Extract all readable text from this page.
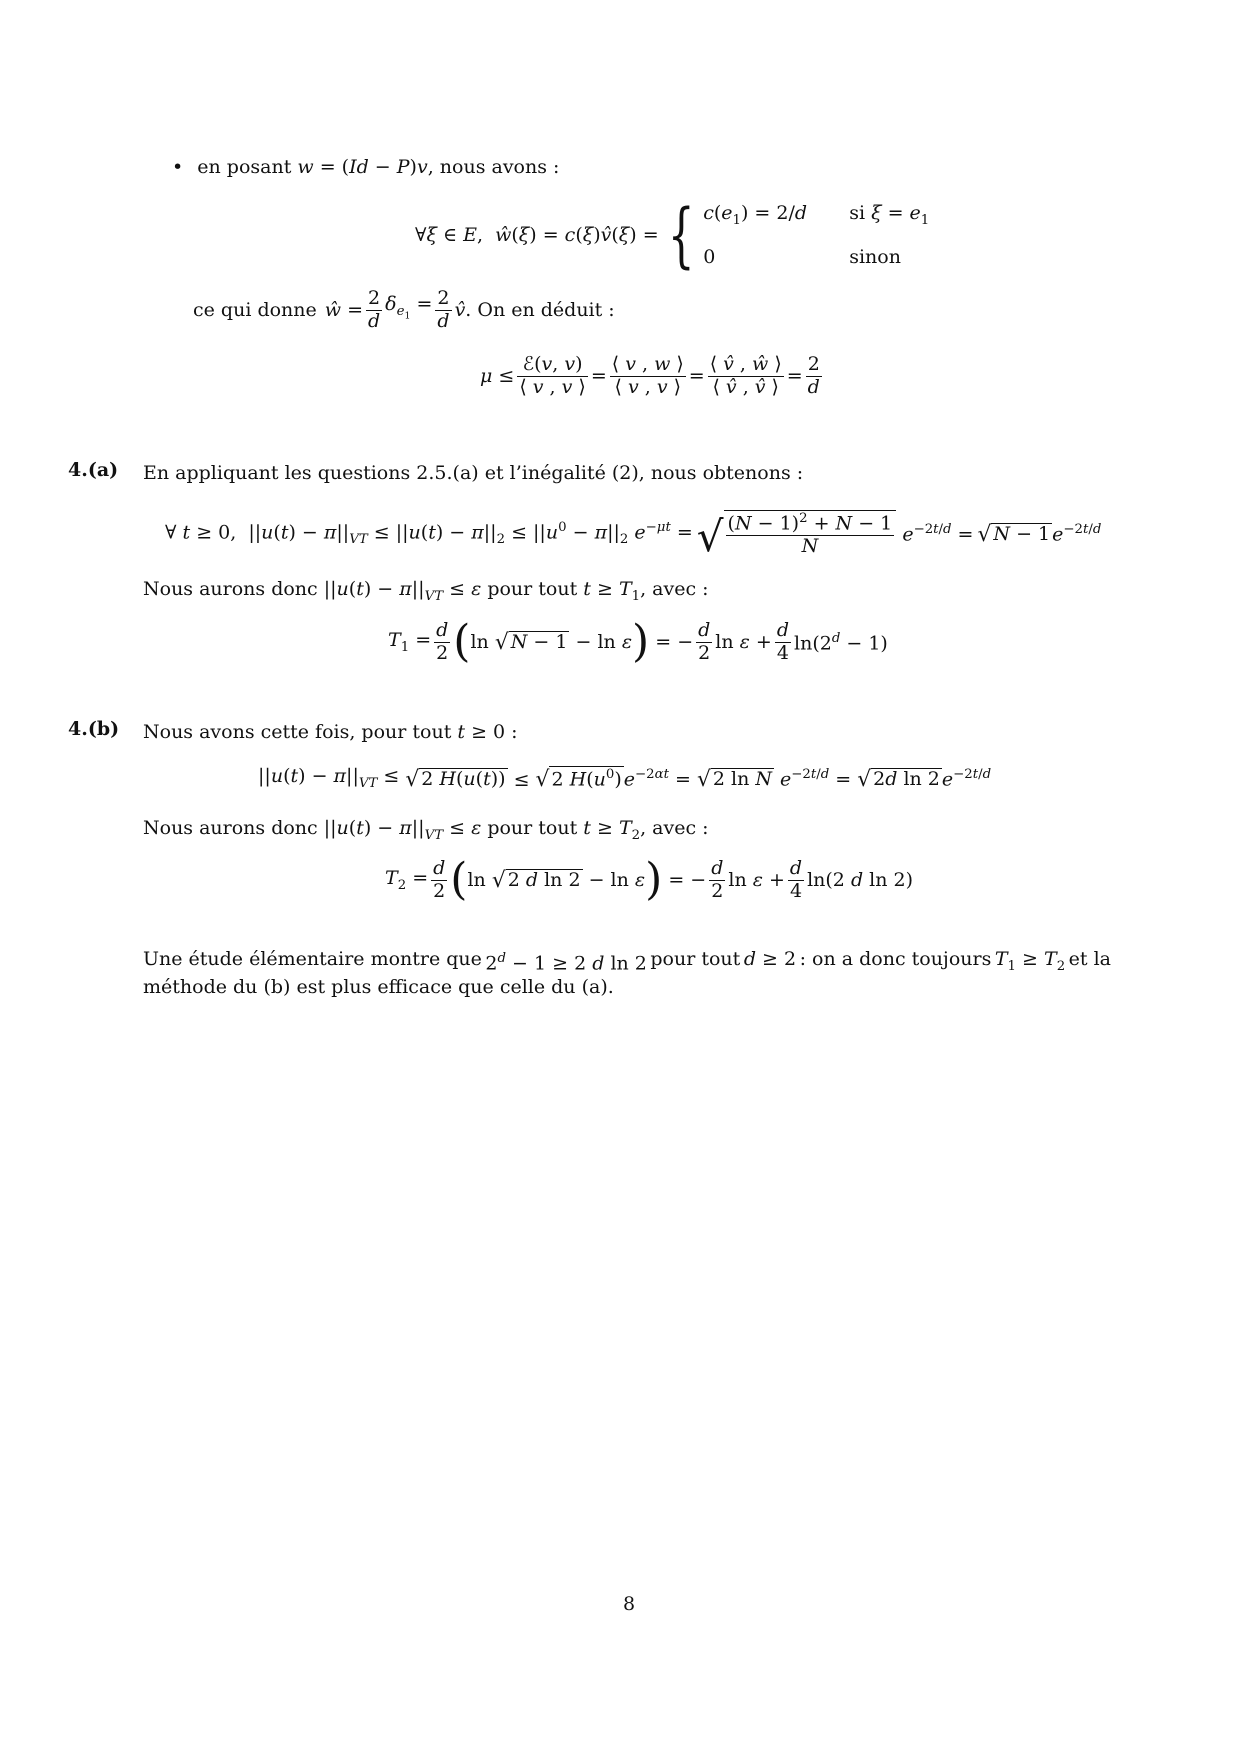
• en posant w = (Id − P)v, nous avons :
∀ξ ∈ E,  ŵ(ξ) = c(ξ)v̂(ξ) = { $c(e_1) = 2/d$	si $\xi = e_1$
0	sinon
ce qui donne ŵ = $\frac{2}{d} \delta_{e_1} = \frac{2}{d}$ v̂ . On en déduit :
$\mu \le \frac{\text{ℰ(v, v)}}{⟨ v , v ⟩} = \frac{⟨ v , w ⟩}{⟨ v , v ⟩} = \frac{⟨ v̂ , ŵ ⟩}{⟨ v̂ , v̂ ⟩} = \frac{2}{d}$
4.(a) En appliquant les questions 2.5.(a) et l’inégalité (2), nous obtenons :
∀ t ≥ 0,  $||u(t) - \pi||_{VT} \le ||u(t) - \pi||_2 \le ||u^0 - \pi||_2$ $e^{-\mu t}$ = √ $\frac{(N - 1)^2 + N - 1}{N} e^{-2t/d}$ = √ N − 1 $e^{-2t/d}$
Nous aurons donc $||u(t) - \pi||_{VT} \le \varepsilon$ pour tout $t \ge T_1$, avec :
$T_1 = \frac{d}{2}$ ( ln √ N − 1 − ln ε ) = − $\frac{d}{2}$ $\ln \varepsilon + \frac{d}{4} \ln(2^d - 1)$
4.(b) Nous avons cette fois, pour tout t ≥ 0 :
$||u(t) - \pi||_{VT}$ ≤ √ 2 H(u(t)) ≤ √ 2 $H(u^0) e^{-2\alpha t}$ = √ 2 ln N $e^{-2t/d}$ = √ 2d ln 2 $e^{-2t/d}$
Nous aurons donc $||u(t) - \pi||_{VT} \le \varepsilon$ pour tout $t \ge T_2$, avec :
$T_2 = \frac{d}{2}$ ( ln √ 2 d ln 2 − ln ε ) = − $\frac{d}{2}$ $\ln \varepsilon + \frac{d}{4} \ln(2$ d ln 2)
Une étude élémentaire montre que $2^d - 1 \ge 2$ d ln 2 pour tout d ≥ 2 : on a donc toujours $T_1 \ge T_2$ et la
méthode du (b) est plus efficace que celle du (a).
8
